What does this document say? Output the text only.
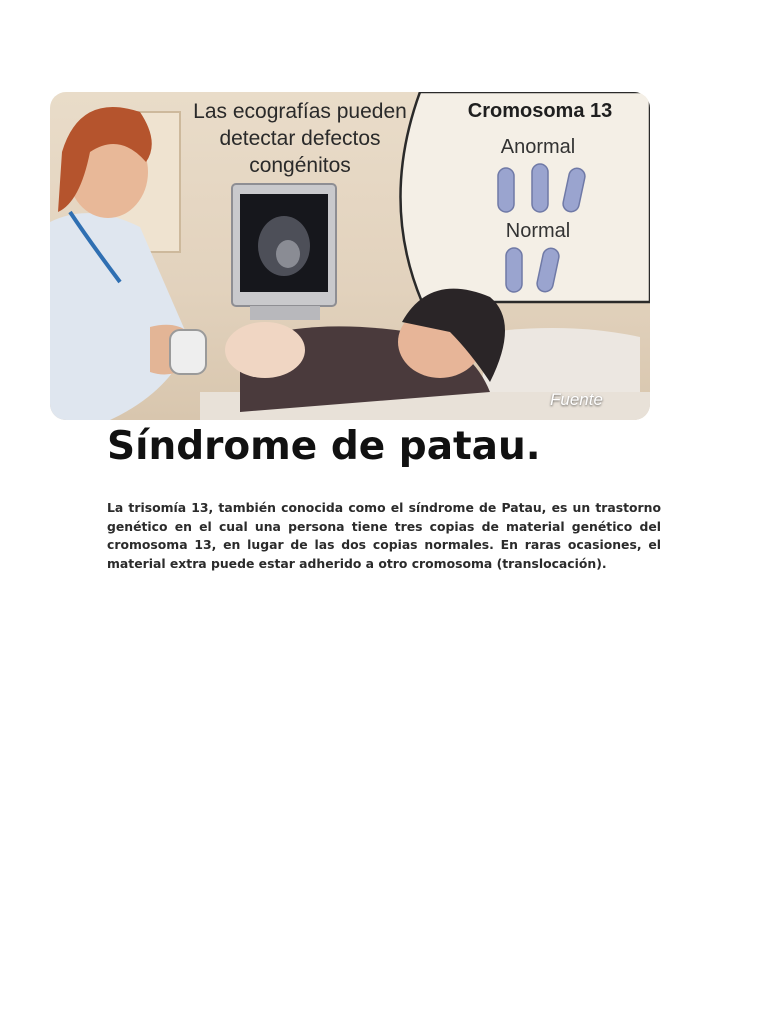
Las ecografías pueden detectar defectos congénitos
Cromosoma 13
Anormal
Normal
Fuente
Síndrome de patau.

La trisomía 13, también conocida como el síndrome de Patau, es un trastorno genético en el cual una persona tiene tres copias de material genético del cromosoma 13, en lugar de las dos copias normales. En raras ocasiones, el material extra puede estar adherido a otro cromosoma (translocación).
